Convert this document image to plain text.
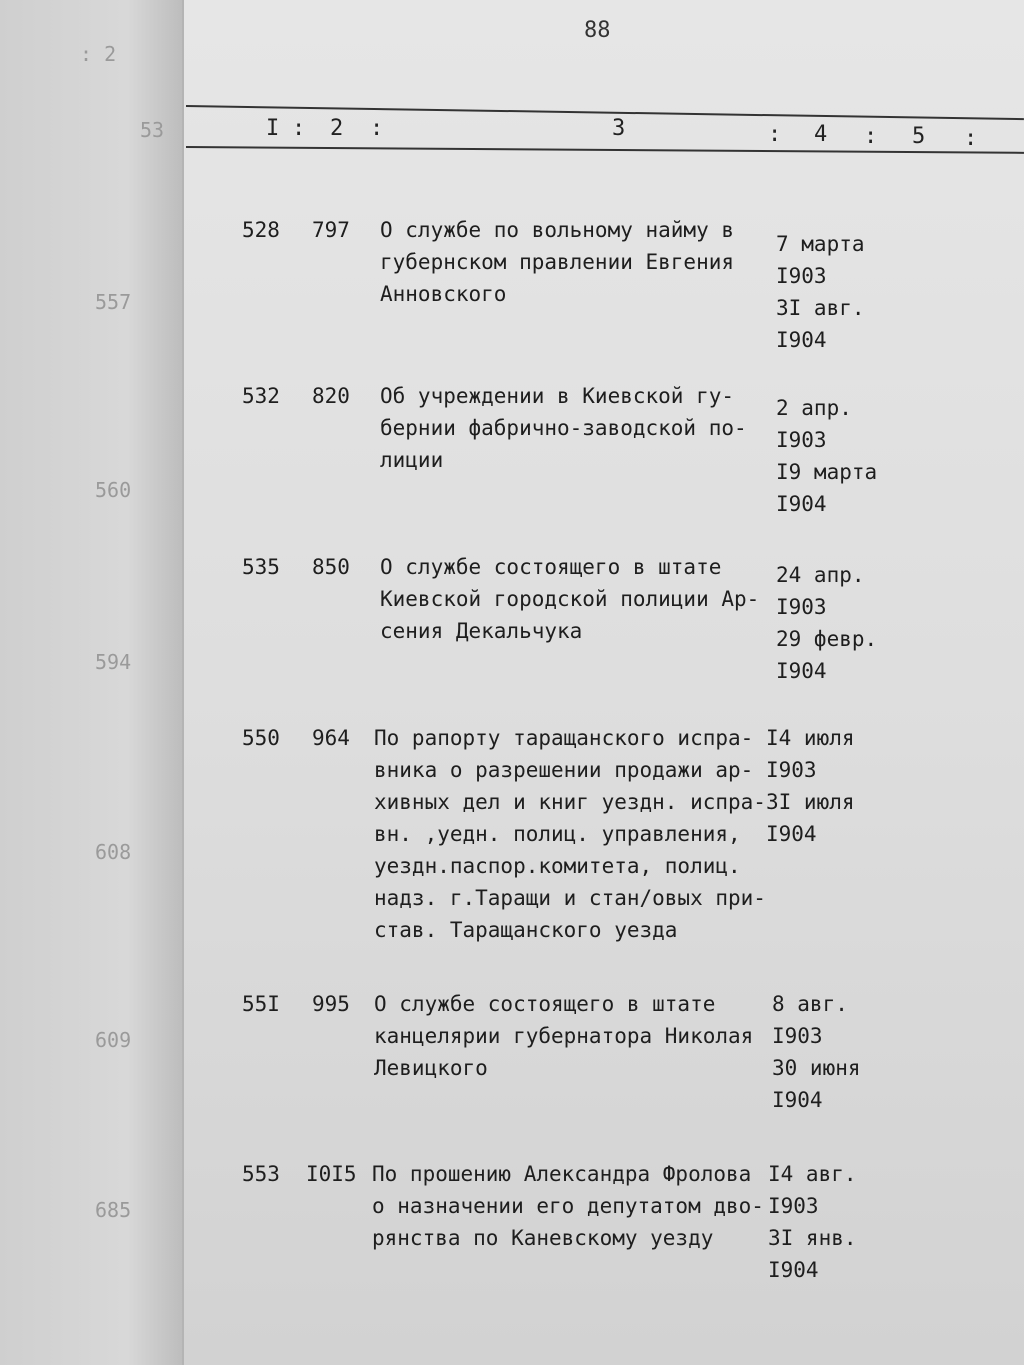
: 2
53
557
560
594
608
609
685
88
I : 2 :	3	: 4 : 5 :
528	797	О службе по вольному найму в
губернском правлении Евгения
Анновского
7 марта
I903
3I авг.
I904
532	820	Об учреждении в Киевской гу-
бернии фабрично-заводской по-
лиции
2 апр.
I903
I9 марта
I904
535	850	О службе состоящего в штате
Киевской городской полиции Ар-
сения Декальчука
24 апр.
I903
29 февр.
I904
550	964	По рапорту таращанского испра-
вника о разрешении продажи ар-
хивных дел и книг уездн. испра-
вн. ,уедн. полиц. управления,
уездн.паспор.комитета, полиц.
надз. г.Таращи и стан/овых при-
став. Таращанского уезда
I4 июля
I903
3I июля
I904
55I	995	О службе состоящего в штате
канцелярии губернатора Николая
Левицкого
8 авг.
I903
30 июня
I904
553	I0I5 По прошению Александра Фролова
о назначении его депутатом дво-
рянства по Каневскому уезду
I4 авг.
I903
3I янв.
I904
